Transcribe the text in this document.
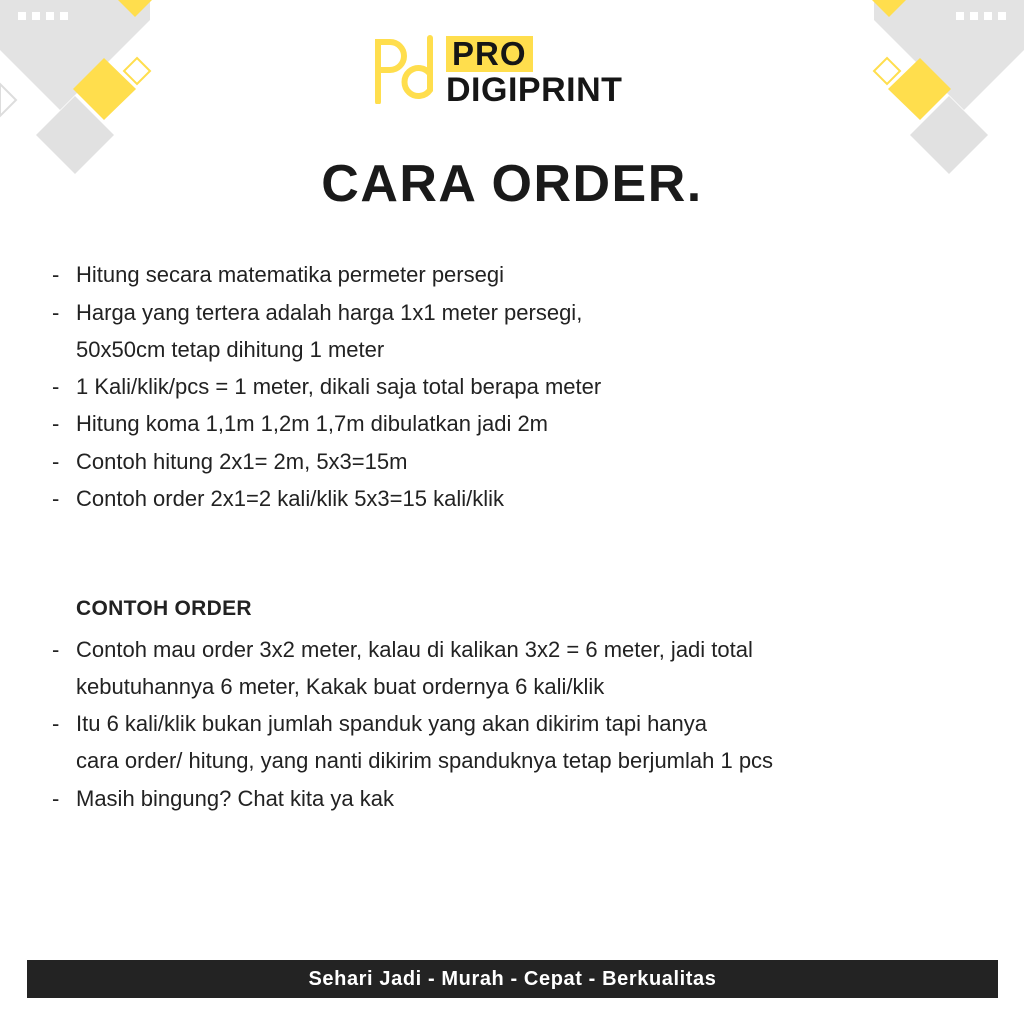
PRO
DIGIPRINT
CARA ORDER.
- Hitung secara matematika permeter persegi
- Harga yang tertera adalah harga 1x1 meter persegi,
50x50cm tetap dihitung 1 meter
- 1 Kali/klik/pcs = 1 meter, dikali saja total berapa meter
- Hitung koma 1,1m 1,2m 1,7m dibulatkan jadi 2m
- Contoh hitung 2x1= 2m, 5x3=15m
- Contoh order 2x1=2 kali/klik 5x3=15 kali/klik
CONTOH ORDER
- Contoh mau order 3x2 meter, kalau di kalikan 3x2 = 6 meter, jadi total
kebutuhannya 6 meter, Kakak buat ordernya 6 kali/klik
- Itu 6 kali/klik bukan jumlah spanduk yang akan dikirim tapi hanya
cara order/ hitung, yang nanti dikirim spanduknya tetap berjumlah 1 pcs
- Masih bingung? Chat kita ya kak
Sehari Jadi - Murah - Cepat - Berkualitas
